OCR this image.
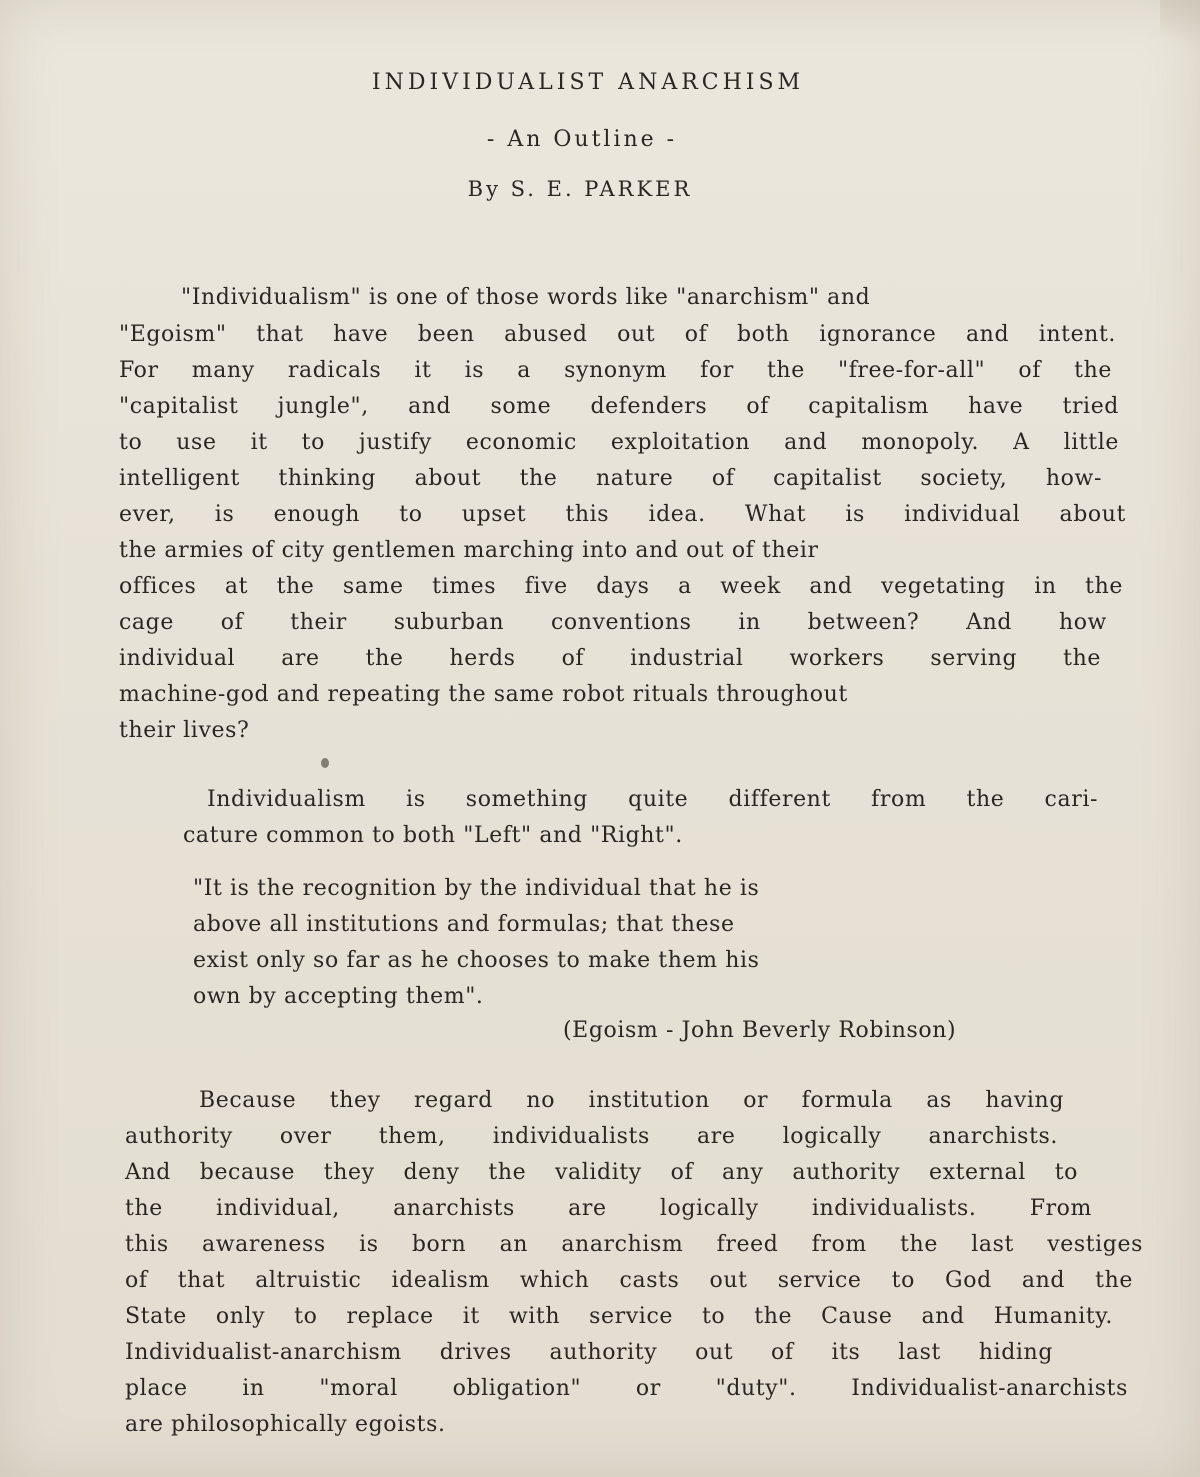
INDIVIDUALIST ANARCHISM
- An Outline -
By S. E. PARKER
"Individualism" is one of those words like "anarchism" and
"Egoism" that have been abused out of both ignorance and intent.
For many radicals it is a synonym for the "free-for-all" of the
"capitalist jungle", and some defenders of capitalism have tried
to use it to justify economic exploitation and monopoly. A little
intelligent thinking about the nature of capitalist society, how-
ever, is enough to upset this idea. What is individual about
the armies of city gentlemen marching into and out of their
offices at the same times five days a week and vegetating in the
cage of their suburban conventions in between? And how
individual are the herds of industrial workers serving the
machine-god and repeating the same robot rituals throughout
their lives?
Individualism is something quite different from the cari-
cature common to both "Left" and "Right".
"It is the recognition by the individual that he is
above all institutions and formulas; that these
exist only so far as he chooses to make them his
own by accepting them".
(Egoism - John Beverly Robinson)
Because they regard no institution or formula as having
authority over them, individualists are logically anarchists.
And because they deny the validity of any authority external to
the individual, anarchists are logically individualists. From
this awareness is born an anarchism freed from the last vestiges
of that altruistic idealism which casts out service to God and the
State only to replace it with service to the Cause and Humanity.
Individualist-anarchism drives authority out of its last hiding
place in "moral obligation" or "duty". Individualist-anarchists
are philosophically egoists.
